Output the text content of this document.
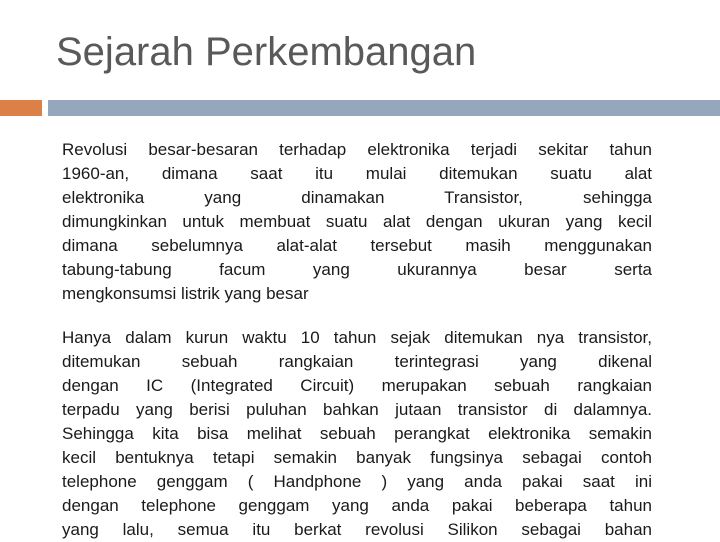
Sejarah Perkembangan

Revolusi besar-besaran terhadap elektronika terjadi sekitar tahun
1960-an, dimana saat itu mulai ditemukan suatu alat
elektronika yang dinamakan Transistor, sehingga
dimungkinkan untuk membuat suatu alat dengan ukuran yang kecil
dimana sebelumnya alat-alat tersebut masih menggunakan
tabung-tabung facum yang ukurannya besar serta
mengkonsumsi listrik yang besar

Hanya dalam kurun waktu 10 tahun sejak ditemukan nya transistor,
ditemukan sebuah rangkaian terintegrasi yang dikenal
dengan IC (Integrated Circuit) merupakan sebuah rangkaian
terpadu yang berisi puluhan bahkan jutaan transistor di dalamnya.
Sehingga kita bisa melihat sebuah perangkat elektronika semakin
kecil bentuknya tetapi semakin banyak fungsinya sebagai contoh
telephone genggam ( Handphone ) yang anda pakai saat ini
dengan telephone genggam yang anda pakai beberapa tahun
yang lalu, semua itu berkat revolusi Silikon sebagai bahan
